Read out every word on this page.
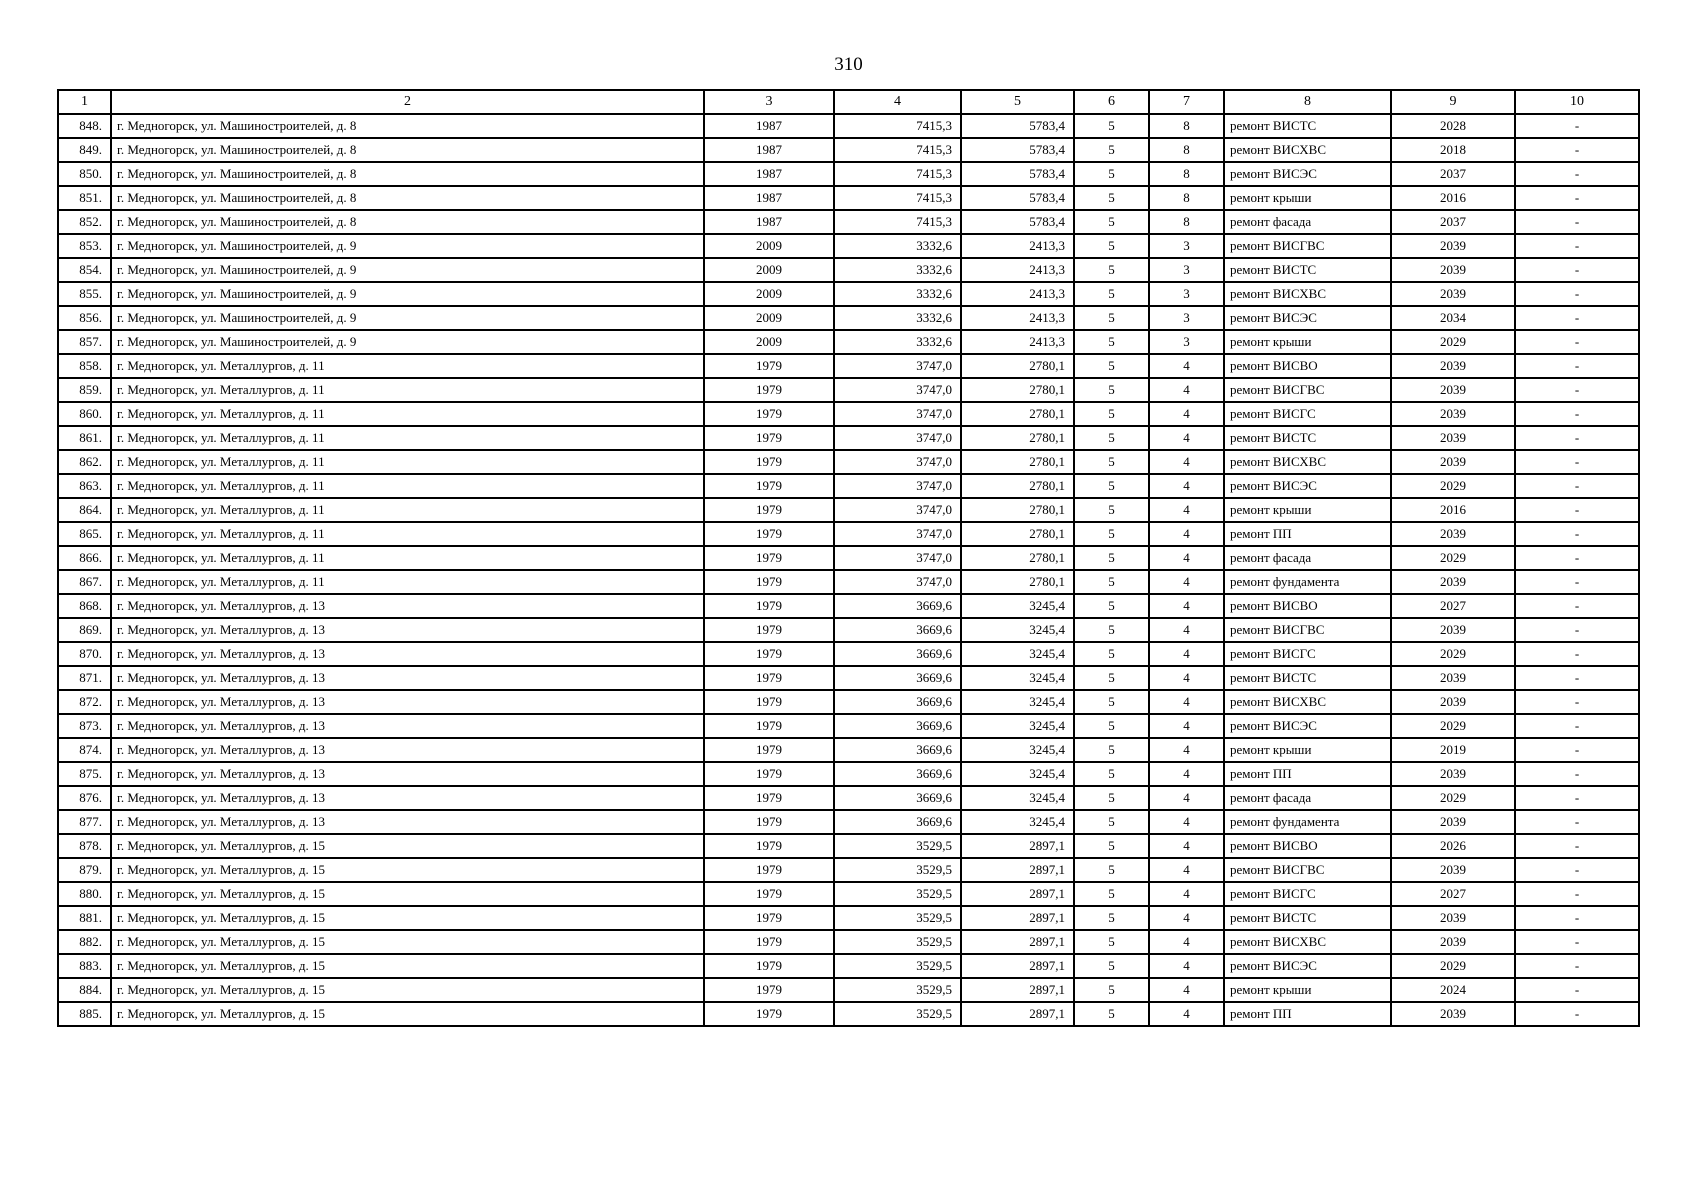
310
1	2	3	4	5	6	7	8	9	10
848.	г. Медногорск, ул. Машиностроителей, д. 8	1987	7415,3	5783,4	5	8	ремонт ВИСТС	2028	-
849.	г. Медногорск, ул. Машиностроителей, д. 8	1987	7415,3	5783,4	5	8	ремонт ВИСХВС	2018	-
850.	г. Медногорск, ул. Машиностроителей, д. 8	1987	7415,3	5783,4	5	8	ремонт ВИСЭС	2037	-
851.	г. Медногорск, ул. Машиностроителей, д. 8	1987	7415,3	5783,4	5	8	ремонт крыши	2016	-
852.	г. Медногорск, ул. Машиностроителей, д. 8	1987	7415,3	5783,4	5	8	ремонт фасада	2037	-
853.	г. Медногорск, ул. Машиностроителей, д. 9	2009	3332,6	2413,3	5	3	ремонт ВИСГВС	2039	-
854.	г. Медногорск, ул. Машиностроителей, д. 9	2009	3332,6	2413,3	5	3	ремонт ВИСТС	2039	-
855.	г. Медногорск, ул. Машиностроителей, д. 9	2009	3332,6	2413,3	5	3	ремонт ВИСХВС	2039	-
856.	г. Медногорск, ул. Машиностроителей, д. 9	2009	3332,6	2413,3	5	3	ремонт ВИСЭС	2034	-
857.	г. Медногорск, ул. Машиностроителей, д. 9	2009	3332,6	2413,3	5	3	ремонт крыши	2029	-
858.	г. Медногорск, ул. Металлургов, д. 11	1979	3747,0	2780,1	5	4	ремонт ВИСВО	2039	-
859.	г. Медногорск, ул. Металлургов, д. 11	1979	3747,0	2780,1	5	4	ремонт ВИСГВС	2039	-
860.	г. Медногорск, ул. Металлургов, д. 11	1979	3747,0	2780,1	5	4	ремонт ВИСГС	2039	-
861.	г. Медногорск, ул. Металлургов, д. 11	1979	3747,0	2780,1	5	4	ремонт ВИСТС	2039	-
862.	г. Медногорск, ул. Металлургов, д. 11	1979	3747,0	2780,1	5	4	ремонт ВИСХВС	2039	-
863.	г. Медногорск, ул. Металлургов, д. 11	1979	3747,0	2780,1	5	4	ремонт ВИСЭС	2029	-
864.	г. Медногорск, ул. Металлургов, д. 11	1979	3747,0	2780,1	5	4	ремонт крыши	2016	-
865.	г. Медногорск, ул. Металлургов, д. 11	1979	3747,0	2780,1	5	4	ремонт ПП	2039	-
866.	г. Медногорск, ул. Металлургов, д. 11	1979	3747,0	2780,1	5	4	ремонт фасада	2029	-
867.	г. Медногорск, ул. Металлургов, д. 11	1979	3747,0	2780,1	5	4	ремонт фундамента	2039	-
868.	г. Медногорск, ул. Металлургов, д. 13	1979	3669,6	3245,4	5	4	ремонт ВИСВО	2027	-
869.	г. Медногорск, ул. Металлургов, д. 13	1979	3669,6	3245,4	5	4	ремонт ВИСГВС	2039	-
870.	г. Медногорск, ул. Металлургов, д. 13	1979	3669,6	3245,4	5	4	ремонт ВИСГС	2029	-
871.	г. Медногорск, ул. Металлургов, д. 13	1979	3669,6	3245,4	5	4	ремонт ВИСТС	2039	-
872.	г. Медногорск, ул. Металлургов, д. 13	1979	3669,6	3245,4	5	4	ремонт ВИСХВС	2039	-
873.	г. Медногорск, ул. Металлургов, д. 13	1979	3669,6	3245,4	5	4	ремонт ВИСЭС	2029	-
874.	г. Медногорск, ул. Металлургов, д. 13	1979	3669,6	3245,4	5	4	ремонт крыши	2019	-
875.	г. Медногорск, ул. Металлургов, д. 13	1979	3669,6	3245,4	5	4	ремонт ПП	2039	-
876.	г. Медногорск, ул. Металлургов, д. 13	1979	3669,6	3245,4	5	4	ремонт фасада	2029	-
877.	г. Медногорск, ул. Металлургов, д. 13	1979	3669,6	3245,4	5	4	ремонт фундамента	2039	-
878.	г. Медногорск, ул. Металлургов, д. 15	1979	3529,5	2897,1	5	4	ремонт ВИСВО	2026	-
879.	г. Медногорск, ул. Металлургов, д. 15	1979	3529,5	2897,1	5	4	ремонт ВИСГВС	2039	-
880.	г. Медногорск, ул. Металлургов, д. 15	1979	3529,5	2897,1	5	4	ремонт ВИСГС	2027	-
881.	г. Медногорск, ул. Металлургов, д. 15	1979	3529,5	2897,1	5	4	ремонт ВИСТС	2039	-
882.	г. Медногорск, ул. Металлургов, д. 15	1979	3529,5	2897,1	5	4	ремонт ВИСХВС	2039	-
883.	г. Медногорск, ул. Металлургов, д. 15	1979	3529,5	2897,1	5	4	ремонт ВИСЭС	2029	-
884.	г. Медногорск, ул. Металлургов, д. 15	1979	3529,5	2897,1	5	4	ремонт крыши	2024	-
885.	г. Медногорск, ул. Металлургов, д. 15	1979	3529,5	2897,1	5	4	ремонт ПП	2039	-
